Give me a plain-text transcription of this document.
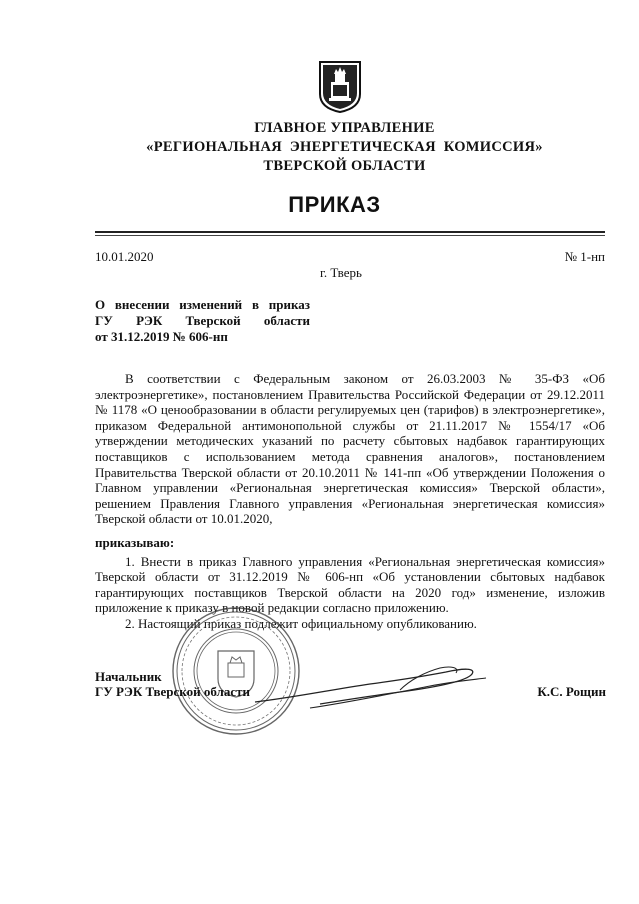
ГЛАВНОЕ УПРАВЛЕНИЕ
«РЕГИОНАЛЬНАЯ ЭНЕРГЕТИЧЕСКАЯ КОМИССИЯ»
ТВЕРСКОЙ ОБЛАСТИ
ПРИКАЗ
10.01.2020	№ 1-нп
г. Тверь
О внесении изменений в приказ
ГУ РЭК Тверской области
от 31.12.2019 № 606-нп

В соответствии с Федеральным законом от 26.03.2003 № 35-ФЗ «Об электроэнергетике», постановлением Правительства Российской Федерации от 29.12.2011 № 1178 «О ценообразовании в области регулируемых цен (тарифов) в электроэнергетике», приказом Федеральной антимонопольной службы от 21.11.2017 № 1554/17 «Об утверждении методических указаний по расчету сбытовых надбавок гарантирующих поставщиков с использованием метода сравнения аналогов», постановлением Правительства Тверской области от 20.10.2011 № 141-пп «Об утверждении Положения о Главном управлении «Региональная энергетическая комиссия» Тверской области», решением Правления Главного управления «Региональная энергетическая комиссия» Тверской области от 10.01.2020,

приказываю:

1. Внести в приказ Главного управления «Региональная энергетическая комиссия» Тверской области от 31.12.2019 № 606-нп «Об установлении сбытовых надбавок гарантирующих поставщиков Тверской области на 2020 год» изменение, изложив приложение к приказу в новой редакции согласно приложению.
2. Настоящий приказ подлежит официальному опубликованию.
Начальник
ГУ РЭК Тверской области	К.С. Рощин
